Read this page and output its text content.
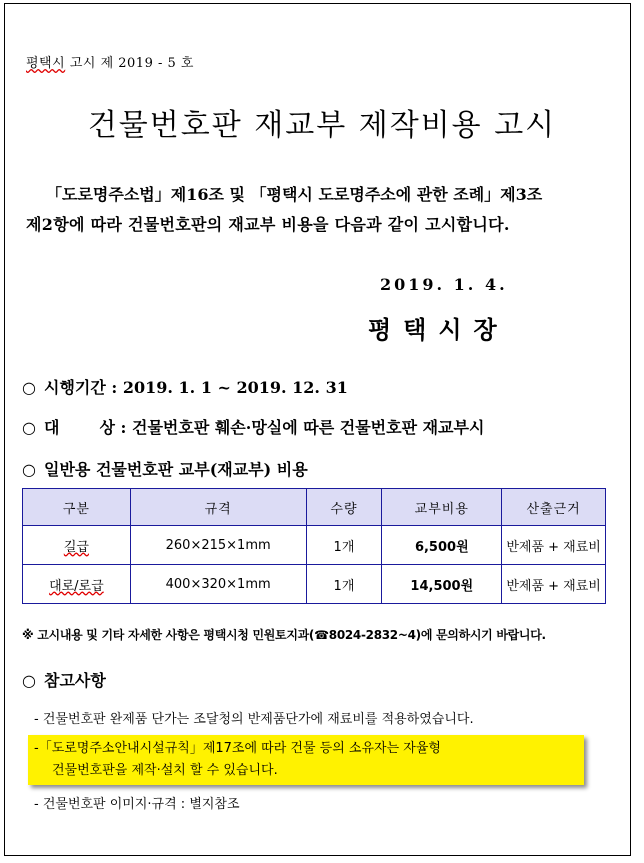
평택시 고시 제 2019 - 5 호
건물번호판 재교부 제작비용 고시
「도로명주소법」제16조 및 「평택시 도로명주소에 관한 조례」제3조
제2항에 따라 건물번호판의 재교부 비용을 다음과 같이 고시합니다.
2019. 1. 4.
평택시장
○ 시행기간 : 2019. 1. 1 ~ 2019. 12. 31
○ 대	상 : 건물번호판 훼손·망실에 따른 건물번호판 재교부시
○ 일반용 건물번호판 교부(재교부) 비용
구분	규격	수량	교부비용	산출근거
길급	260×215×1mm	1개	6,500원	반제품 + 재료비
대로/로급	400×320×1mm	1개	14,500원	반제품 + 재료비
※ 고시내용 및 기타 자세한 사항은 평택시청 민원토지과(☎8024-2832~4)에 문의하시기 바랍니다.
○ 참고사항
- 건물번호판 완제품 단가는 조달청의 반제품단가에 재료비를 적용하였습니다.
-「도로명주소안내시설규칙」제17조에 따라 건물 등의 소유자는 자율형
건물번호판을 제작·설치 할 수 있습니다.
- 건물번호판 이미지·규격 : 별지참조
